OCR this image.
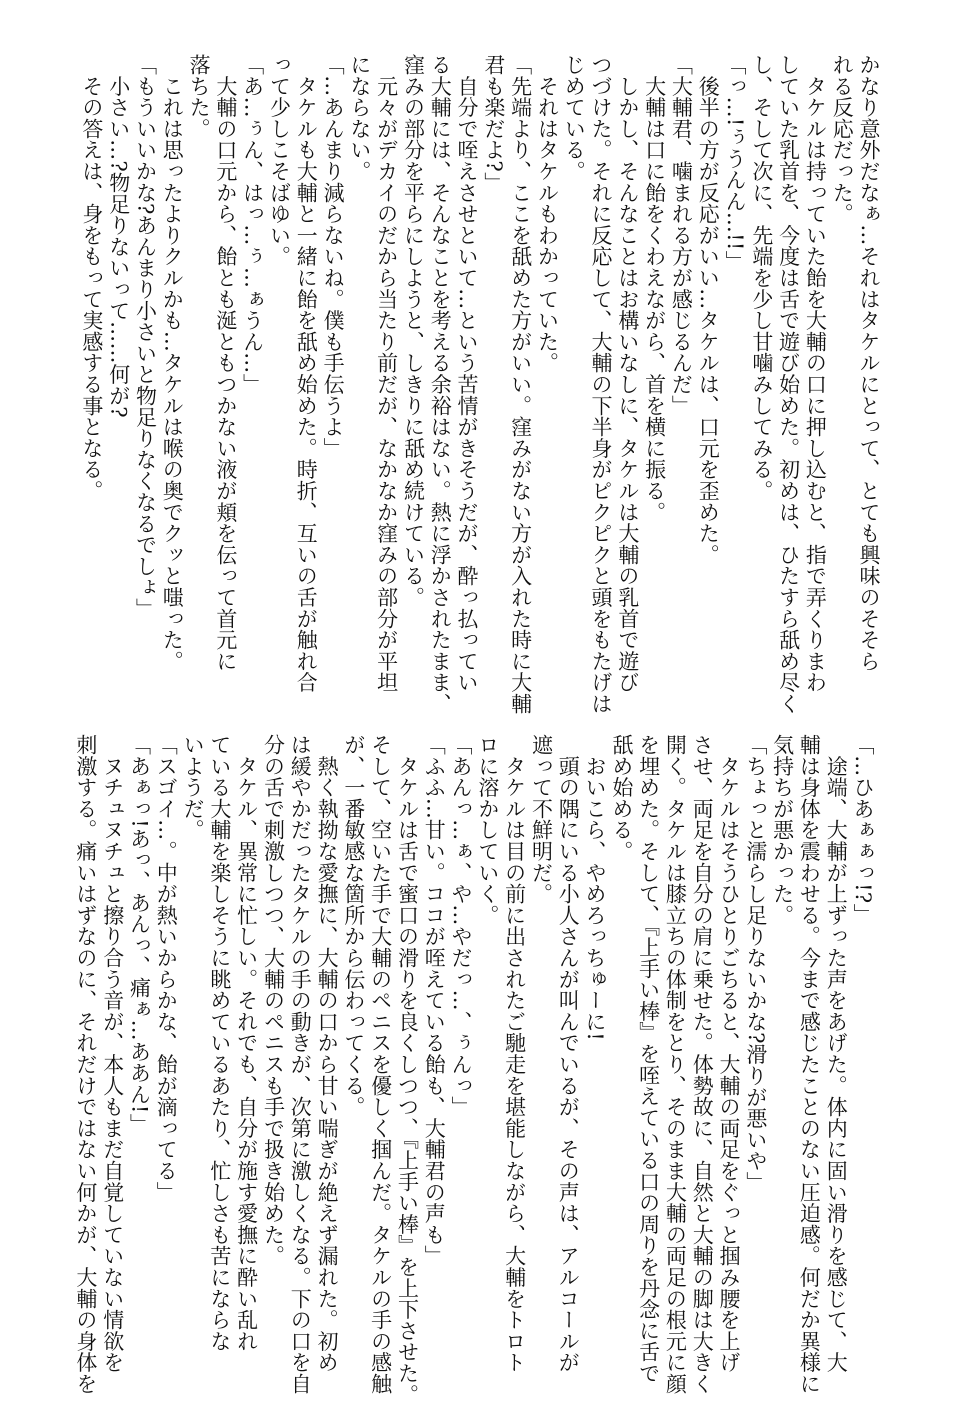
かなり意外だなぁ…それはタケルにとって、とても興味のそそら
れる反応だった。
　タケルは持っていた飴を大輔の口に押し込むと、指で弄くりまわ
していた乳首を、今度は舌で遊び始めた。初めは、ひたすら舐め尽く
し、そして次に、先端を少し甘噛みしてみる。
「っ…!ぅうんん…!!」
　後半の方が反応がいい…タケルは、口元を歪めた。
「大輔君、噛まれる方が感じるんだ」
　大輔は口に飴をくわえながら、首を横に振る。
　しかし、そんなことはお構いなしに、タケルは大輔の乳首で遊び
つづけた。それに反応して、大輔の下半身がピクピクと頭をもたげは
じめている。
　それはタケルもわかっていた。
「先端より、ここを舐めた方がいい。窪みがない方が入れた時に大輔
君も楽だよ?」
　自分で咥えさせといて…という苦情がきそうだが、酔っ払ってい
る大輔には、そんなことを考える余裕はない。熱に浮かされたまま、
窪みの部分を平らにしようと、しきりに舐め続けている。
　元々がデカイのだから当たり前だが、なかなか窪みの部分が平坦
にならない。
「…あんまり減らないね。僕も手伝うよ」
　タケルも大輔と一緒に飴を舐め始めた。時折、互いの舌が触れ合
って少しこそばゆい。
「あ…ぅん、はっ…ぅ…ぁうん…」
　大輔の口元から、飴とも涎ともつかない液が頬を伝って首元に
落ちた。
　これは思ったよりクルかも…タケルは喉の奥でクッと嗤った。
「もういいかな?あんまり小さいと物足りなくなるでしょ」
　小さい…?物足りないって……何が?
　その答えは、身をもって実感する事となる。
「…ひあぁぁっ!?」
　途端、大輔が上ずった声をあげた。体内に固い滑りを感じて、大
輔は身体を震わせる。今まで感じたことのない圧迫感。何だか異様に
気持ちが悪かった。
「ちょっと濡らし足りないかな?滑りが悪いや」
　タケルはそうひとりごちると、大輔の両足をぐっと掴み腰を上げ
させ、両足を自分の肩に乗せた。体勢故に、自然と大輔の脚は大きく
開く。タケルは膝立ちの体制をとり、そのまま大輔の両足の根元に顔
を埋めた。そして、『上手い棒』を咥えている口の周りを丹念に舌で
舐め始める。
　おいこら、やめろっちゅーに!
　頭の隅にいる小人さんが叫んでいるが、その声は、アルコールが
遮って不鮮明だ。
　タケルは目の前に出されたご馳走を堪能しながら、大輔をトロト
ロに溶かしていく。
「あんっ…ぁ、や…やだっ…、ぅんっ」
「ふふ…甘い。ココが咥えている飴も、大輔君の声も」
　タケルは舌で蜜口の滑りを良くしつつ、『上手い棒』を上下させた。
そして、空いた手で大輔のペニスを優しく掴んだ。タケルの手の感触
が、一番敏感な箇所から伝わってくる。
　熱く執拗な愛撫に、大輔の口から甘い喘ぎが絶えず漏れた。初め
は緩やかだったタケルの手の動きが、次第に激しくなる。下の口を自
分の舌で刺激しつつ、大輔のペニスも手で扱き始めた。
　タケル、異常に忙しい。それでも、自分が施す愛撫に酔い乱れ
ている大輔を楽しそうに眺めているあたり、忙しさも苦にならな
いようだ。
「スゴイ…。中が熱いからかな、飴が滴ってる」
「あぁっ!あっ、あんっ、痛ぁ…ああん!」
　ヌチュヌチュと擦り合う音が、本人もまだ自覚していない情欲を
刺激する。痛いはずなのに、それだけではない何かが、大輔の身体を
